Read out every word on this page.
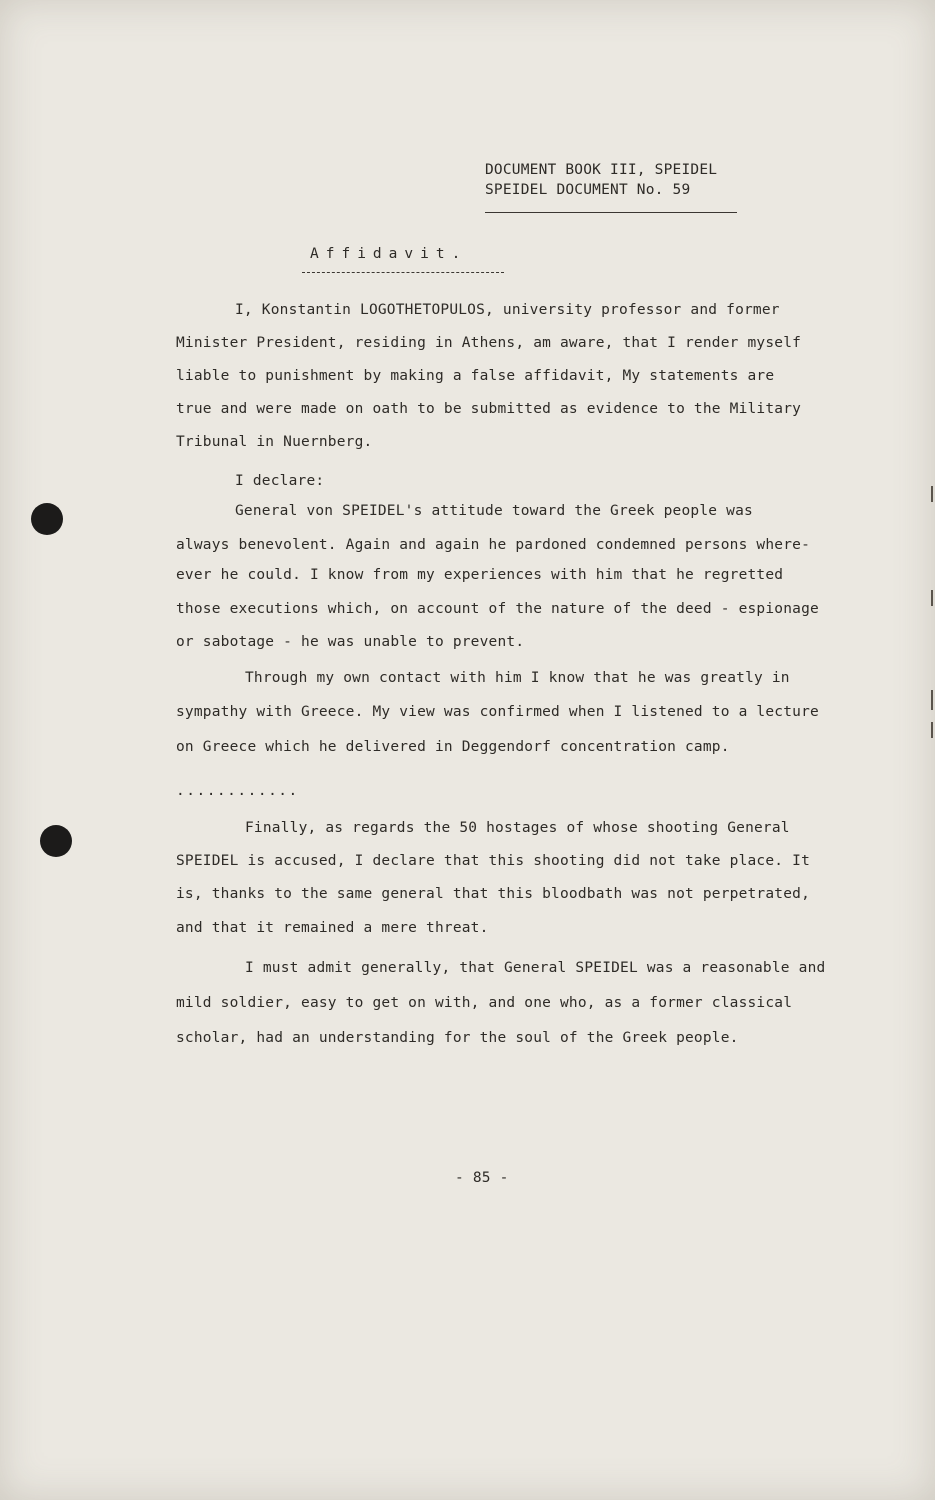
DOCUMENT BOOK III, SPEIDEL
SPEIDEL DOCUMENT No. 59
Affidavit.
I, Konstantin LOGOTHETOPULOS, university professor and former
Minister President, residing in Athens, am aware, that I render myself
liable to punishment by making a false affidavit, My statements are
true and were made on oath to be submitted as evidence to the Military
Tribunal in Nuernberg.
I declare:
General von SPEIDEL's attitude toward the Greek people was
always benevolent. Again and again he pardoned condemned persons where-
ever he could. I know from my experiences with him that he regretted
those executions which, on account of the nature of the deed - espionage
or sabotage - he was unable to prevent.
Through my own contact with him I know that he was greatly in
sympathy with Greece. My view was confirmed when I listened to a lecture
on Greece which he delivered in Deggendorf concentration camp.
............
Finally, as regards the 50 hostages of whose shooting General
SPEIDEL is accused, I declare that this shooting did not take place. It
is, thanks to the same general that this bloodbath was not perpetrated,
and that it remained a mere threat.
I must admit generally, that General SPEIDEL was a reasonable and
mild soldier, easy to get on with, and one who, as a former classical
scholar, had an understanding for the soul of the Greek people.
- 85 -
